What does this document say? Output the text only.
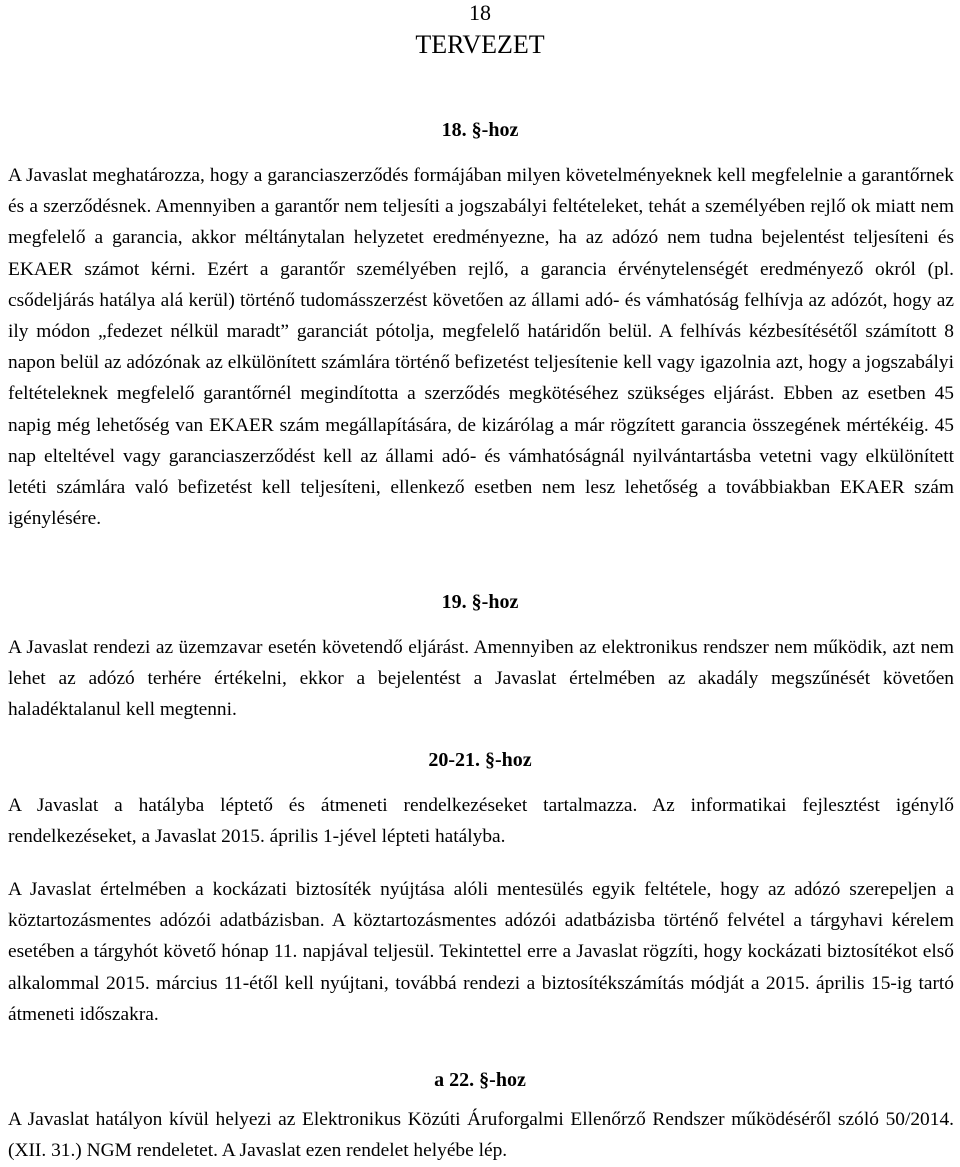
18
TERVEZET
18. §-hoz
A Javaslat meghatározza, hogy a garanciaszerződés formájában milyen követelményeknek kell megfelelnie a garantőrnek és a szerződésnek. Amennyiben a garantőr nem teljesíti a jogszabályi feltételeket, tehát a személyében rejlő ok miatt nem megfelelő a garancia, akkor méltánytalan helyzetet eredményezne, ha az adózó nem tudna bejelentést teljesíteni és EKAER számot kérni. Ezért a garantőr személyében rejlő, a garancia érvénytelenségét eredményező okról (pl. csődeljárás hatálya alá kerül) történő tudomásszerzést követően az állami adó- és vámhatóság felhívja az adózót, hogy az ily módon „fedezet nélkül maradt” garanciát pótolja, megfelelő határidőn belül. A felhívás kézbesítésétől számított 8 napon belül az adózónak az elkülönített számlára történő befizetést teljesítenie kell vagy igazolnia azt, hogy a jogszabályi feltételeknek megfelelő garantőrnél megindította a szerződés megkötéséhez szükséges eljárást. Ebben az esetben 45 napig még lehetőség van EKAER szám megállapítására, de kizárólag a már rögzített garancia összegének mértékéig. 45 nap elteltével vagy garanciaszerződést kell az állami adó- és vámhatóságnál nyilvántartásba vetetni vagy elkülönített letéti számlára való befizetést kell teljesíteni, ellenkező esetben nem lesz lehetőség a továbbiakban EKAER szám igénylésére.
19. §-hoz
A Javaslat rendezi az üzemzavar esetén követendő eljárást. Amennyiben az elektronikus rendszer nem működik, azt nem lehet az adózó terhére értékelni, ekkor a bejelentést a Javaslat értelmében az akadály megszűnését követően haladéktalanul kell megtenni.
20-21. §-hoz
A Javaslat a hatályba léptető és átmeneti rendelkezéseket tartalmazza. Az informatikai fejlesztést igénylő rendelkezéseket, a Javaslat 2015. április 1-jével lépteti hatályba.
A Javaslat értelmében a kockázati biztosíték nyújtása alóli mentesülés egyik feltétele, hogy az adózó szerepeljen a köztartozásmentes adózói adatbázisban. A köztartozásmentes adózói adatbázisba történő felvétel a tárgyhavi kérelem esetében a tárgyhót követő hónap 11. napjával teljesül. Tekintettel erre a Javaslat rögzíti, hogy kockázati biztosítékot első alkalommal 2015. március 11-étől kell nyújtani, továbbá rendezi a biztosítékszámítás módját a 2015. április 15-ig tartó átmeneti időszakra.
a 22. §-hoz
A Javaslat hatályon kívül helyezi az Elektronikus Közúti Áruforgalmi Ellenőrző Rendszer működéséről szóló 50/2014. (XII. 31.) NGM rendeletet. A Javaslat ezen rendelet helyébe lép.
